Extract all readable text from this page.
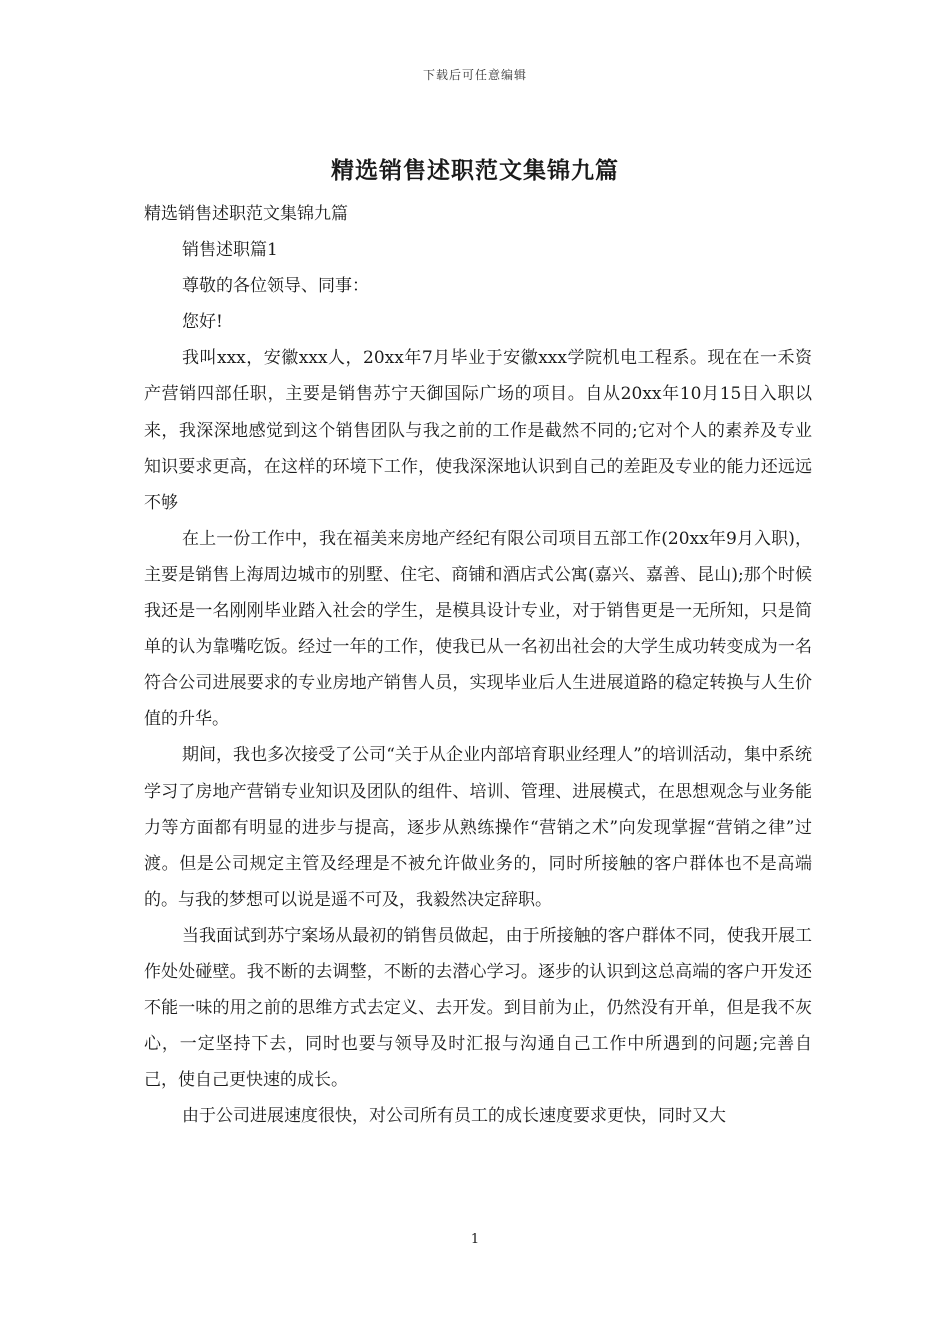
下载后可任意编辑
精选销售述职范文集锦九篇

精选销售述职范文集锦九篇

销售述职篇1

尊敬的各位领导、同事：

您好!

我叫xxx，安徽xxx人，20xx年7月毕业于安徽xxx学院机电工程系。现在在一禾资产营销四部任职，主要是销售苏宁天御国际广场的项目。自从20xx年10月15日入职以来，我深深地感觉到这个销售团队与我之前的工作是截然不同的;它对个人的素养及专业知识要求更高，在这样的环境下工作，使我深深地认识到自己的差距及专业的能力还远远不够

在上一份工作中，我在福美来房地产经纪有限公司项目五部工作(20xx年9月入职)，主要是销售上海周边城市的别墅、住宅、商铺和酒店式公寓(嘉兴、嘉善、昆山);那个时候我还是一名刚刚毕业踏入社会的学生，是模具设计专业，对于销售更是一无所知，只是简单的认为靠嘴吃饭。经过一年的工作，使我已从一名初出社会的大学生成功转变成为一名符合公司进展要求的专业房地产销售人员，实现毕业后人生进展道路的稳定转换与人生价值的升华。

期间，我也多次接受了公司“关于从企业内部培育职业经理人”的培训活动，集中系统学习了房地产营销专业知识及团队的组件、培训、管理、进展模式，在思想观念与业务能力等方面都有明显的进步与提高，逐步从熟练操作“营销之术”向发现掌握“营销之律”过渡。但是公司规定主管及经理是不被允许做业务的，同时所接触的客户群体也不是高端的。与我的梦想可以说是遥不可及，我毅然决定辞职。

当我面试到苏宁案场从最初的销售员做起，由于所接触的客户群体不同，使我开展工作处处碰壁。我不断的去调整，不断的去潜心学习。逐步的认识到这总高端的客户开发还不能一味的用之前的思维方式去定义、去开发。到目前为止，仍然没有开单，但是我不灰心，一定坚持下去，同时也要与领导及时汇报与沟通自己工作中所遇到的问题;完善自己，使自己更快速的成长。

由于公司进展速度很快，对公司所有员工的成长速度要求更快，同时又大

1
